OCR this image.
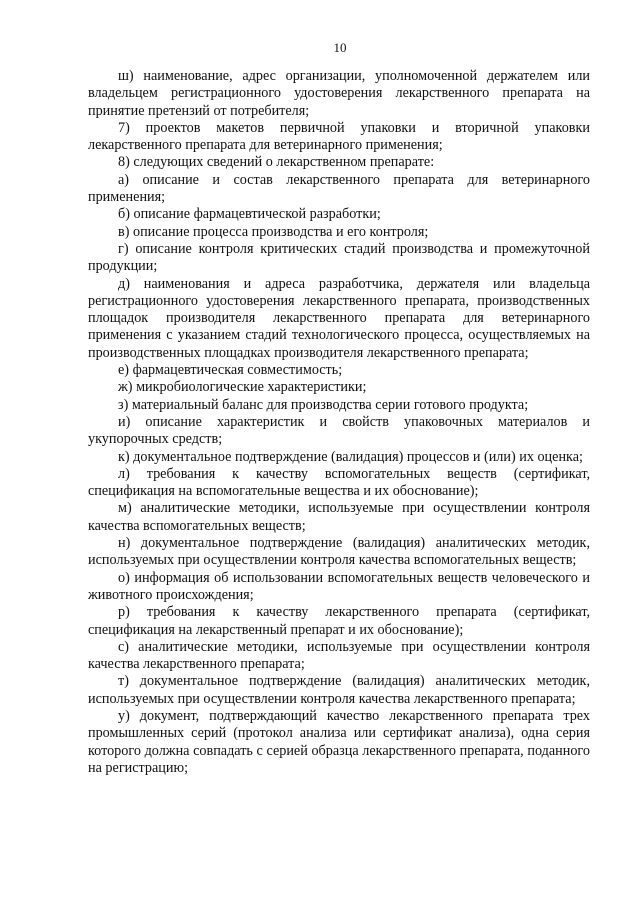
10

ш) наименование, адрес организации, уполномоченной держателем или владельцем регистрационного удостоверения лекарственного препарата на принятие претензий от потребителя;

7) проектов макетов первичной упаковки и вторичной упаковки лекарственного препарата для ветеринарного применения;

8) следующих сведений о лекарственном препарате:

а) описание и состав лекарственного препарата для ветеринарного применения;

б) описание фармацевтической разработки;

в) описание процесса производства и его контроля;

г) описание контроля критических стадий производства и промежуточной продукции;

д) наименования и адреса разработчика, держателя или владельца регистрационного удостоверения лекарственного препарата, производственных площадок производителя лекарственного препарата для ветеринарного применения с указанием стадий технологического процесса, осуществляемых на производственных площадках производителя лекарственного препарата;

е) фармацевтическая совместимость;

ж) микробиологические характеристики;

з) материальный баланс для производства серии готового продукта;

и) описание характеристик и свойств упаковочных материалов и укупорочных средств;

к) документальное подтверждение (валидация) процессов и (или) их оценка;

л) требования к качеству вспомогательных веществ (сертификат, спецификация на вспомогательные вещества и их обоснование);

м) аналитические методики, используемые при осуществлении контроля качества вспомогательных веществ;

н) документальное подтверждение (валидация) аналитических методик, используемых при осуществлении контроля качества вспомогательных веществ;

о) информация об использовании вспомогательных веществ человеческого и животного происхождения;

р) требования к качеству лекарственного препарата (сертификат, спецификация на лекарственный препарат и их обоснование);

с) аналитические методики, используемые при осуществлении контроля качества лекарственного препарата;

т) документальное подтверждение (валидация) аналитических методик, используемых при осуществлении контроля качества лекарственного препарата;

у) документ, подтверждающий качество лекарственного препарата трех промышленных серий (протокол анализа или сертификат анализа), одна серия которого должна совпадать с серией образца лекарственного препарата, поданного на регистрацию;
